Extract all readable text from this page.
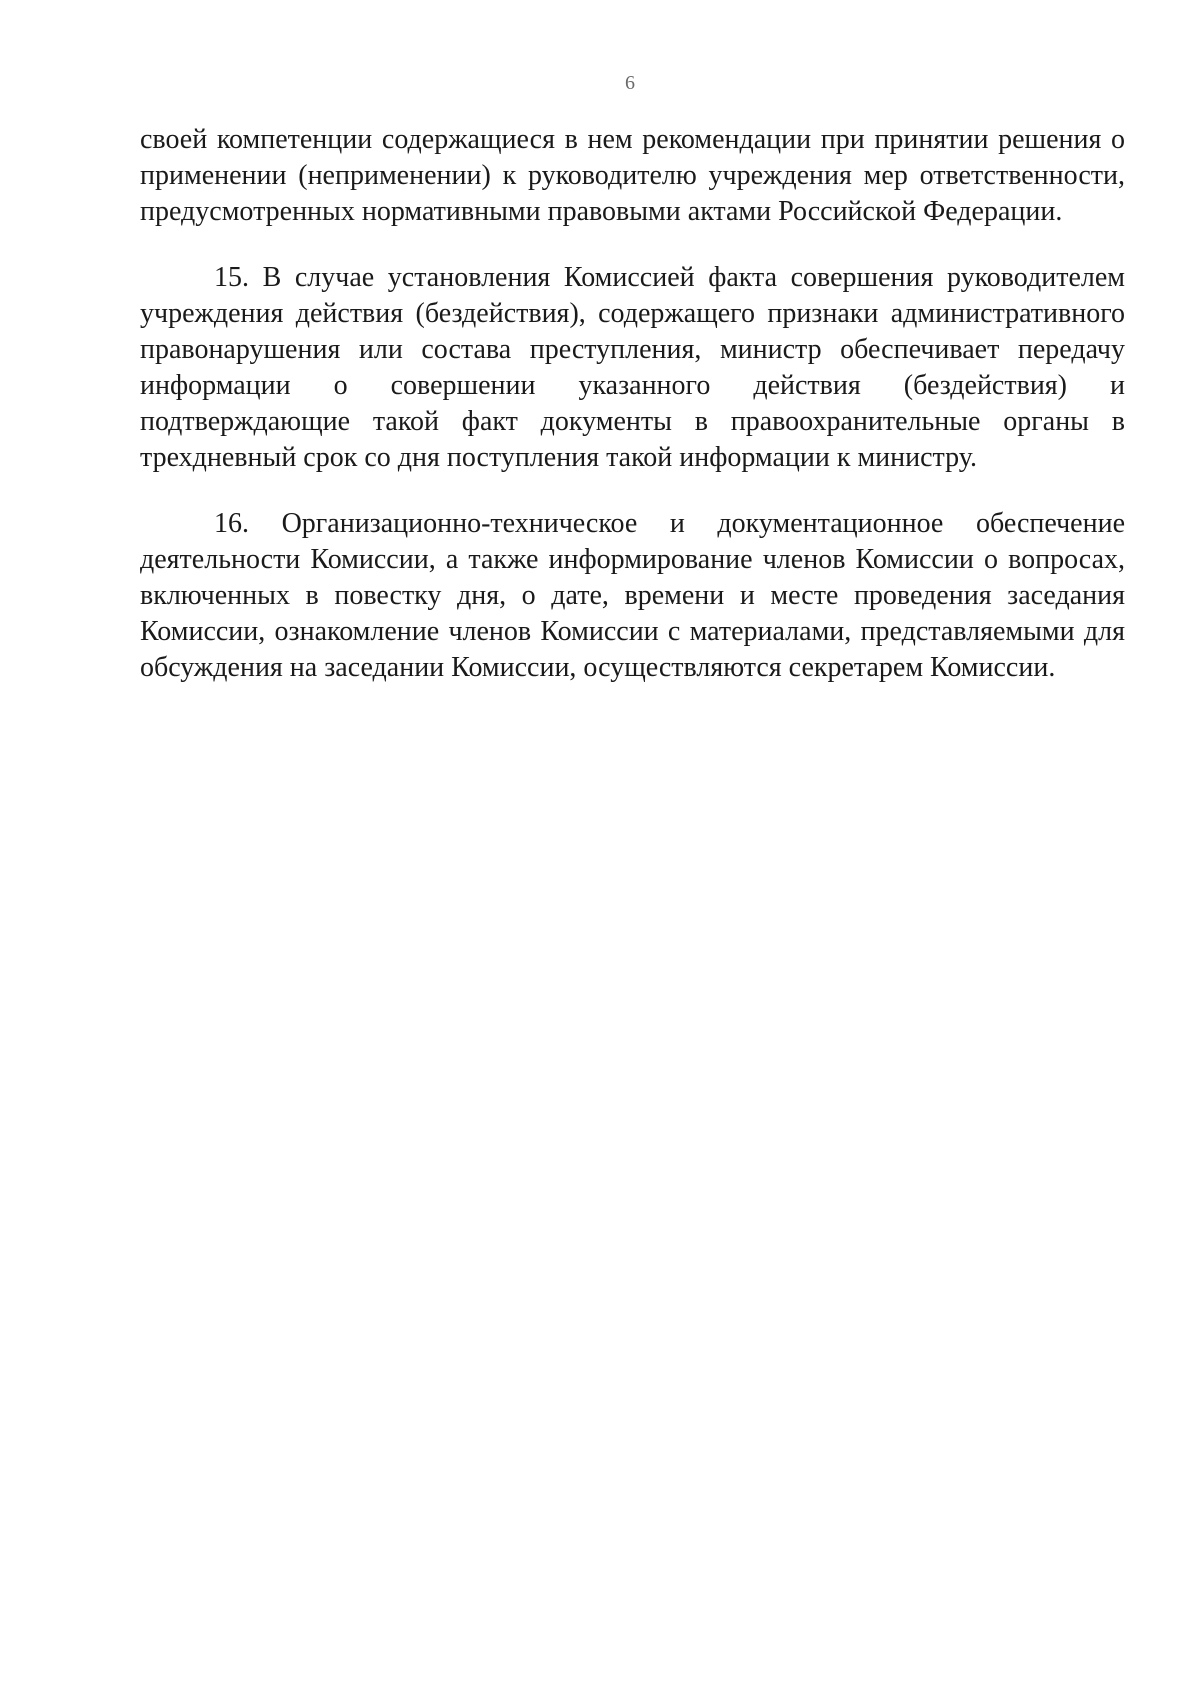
6

своей компетенции содержащиеся в нем рекомендации при принятии решения о применении (неприменении) к руководителю учреждения мер ответственности, предусмотренных нормативными правовыми актами Российской Федерации.

15. В случае установления Комиссией факта совершения руководителем учреждения действия (бездействия), содержащего признаки административного правонарушения или состава преступления, министр обеспечивает передачу информации о совершении указанного действия (бездействия) и подтверждающие такой факт документы в правоохранительные органы в трехдневный срок со дня поступления такой информации к министру.

16. Организационно-техническое и документационное обеспечение деятельности Комиссии, а также информирование членов Комиссии о вопросах, включенных в повестку дня, о дате, времени и месте проведения заседания Комиссии, ознакомление членов Комиссии с материалами, представляемыми для обсуждения на заседании Комиссии, осуществляются секретарем Комиссии.
